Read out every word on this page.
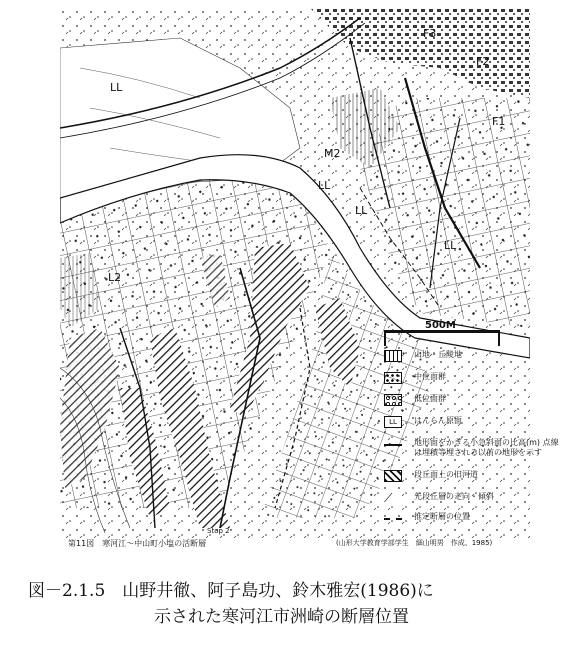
F1
F2
F3
M2
LL
LL
LL
LL
L2
Stop 2
500M
山地・丘陵地
中位面群
低位面群
LL	はんらん原面
地形面をかぎる小急斜面の比高(m) 点線は埋積等埋される以前の地形を示す
段丘面上の旧河道
⟋	先段丘層の走向・傾斜
推定断層の位置
第11図　寒河江〜中山町小塩の活断層	(山形大学教育学部学生　細山明男　作成、1985)
図－2.1.5　山野井徹、阿子島功、鈴木雅宏(1986)に
示された寒河江市洲崎の断層位置
